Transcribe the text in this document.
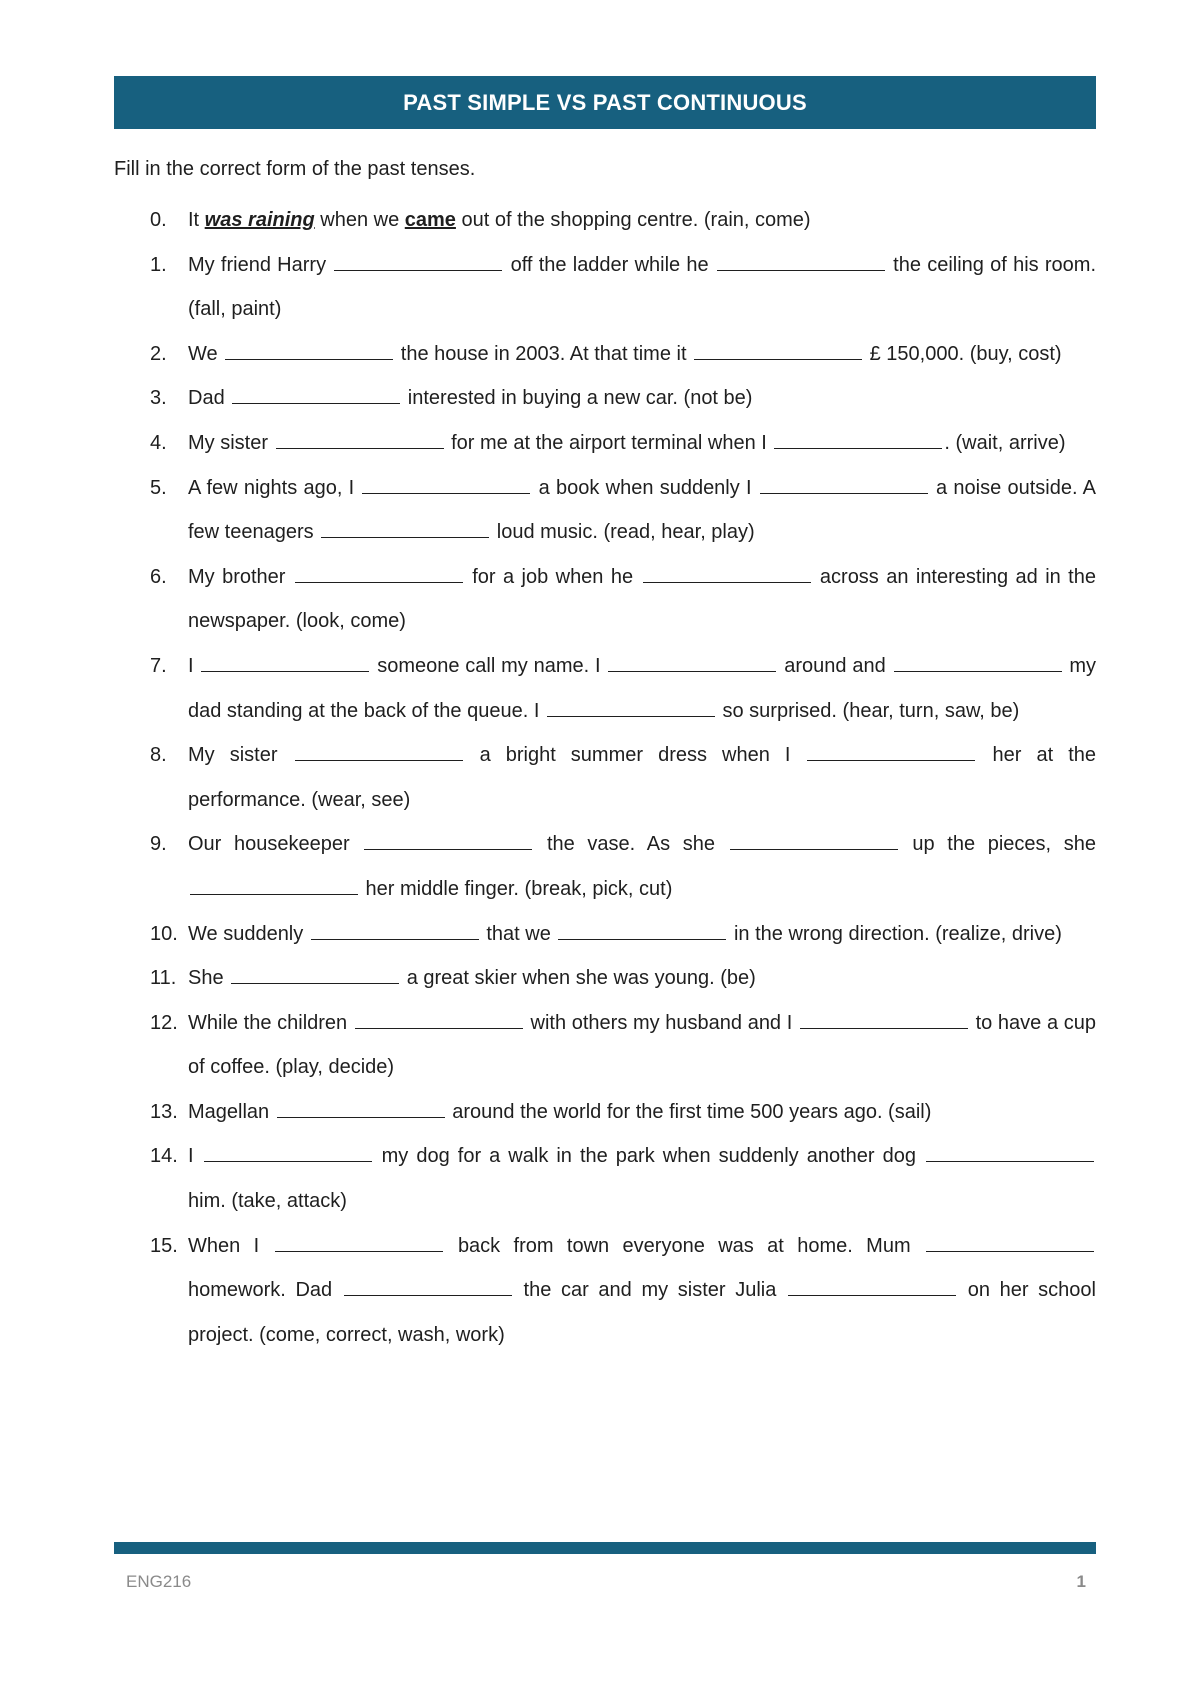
PAST SIMPLE VS PAST CONTINUOUS
Fill in the correct form of the past tenses.
0.	It was raining when we came out of the shopping centre. (rain, come)
1.	My friend Harry	off the ladder while he	the ceiling of his room. (fall, paint)
2.	We	the house in 2003. At that time it	£ 150,000. (buy, cost)
3.	Dad	interested in buying a new car. (not be)
4.	My sister	for me at the airport terminal when I	. (wait, arrive)
5.	A few nights ago, I	a book when suddenly I	a noise outside. A few teenagers	loud music. (read, hear, play)
6.	My brother	for a job when he	across an interesting ad in the newspaper. (look, come)
7.	I	someone call my name. I	around and	my dad standing at the back of the queue. I	so surprised. (hear, turn, saw, be)
8.	My sister	a bright summer dress when I	her at the performance. (wear, see)
9.	Our housekeeper	the vase. As she	up the pieces, she  her middle finger. (break, pick, cut)
10. We suddenly	that we	in the wrong direction. (realize, drive)
11. She	a great skier when she was young. (be)
12. While the children	with others my husband and I	to have a cup of coffee. (play, decide)
13. Magellan	around the world for the first time 500 years ago. (sail)
14. I	my dog for a walk in the park when suddenly another dog  him. (take, attack)
15. When I	back from town everyone was at home. Mum  homework. Dad	the car and my sister Julia	on her school project. (come, correct, wash, work)
ENG216	1
